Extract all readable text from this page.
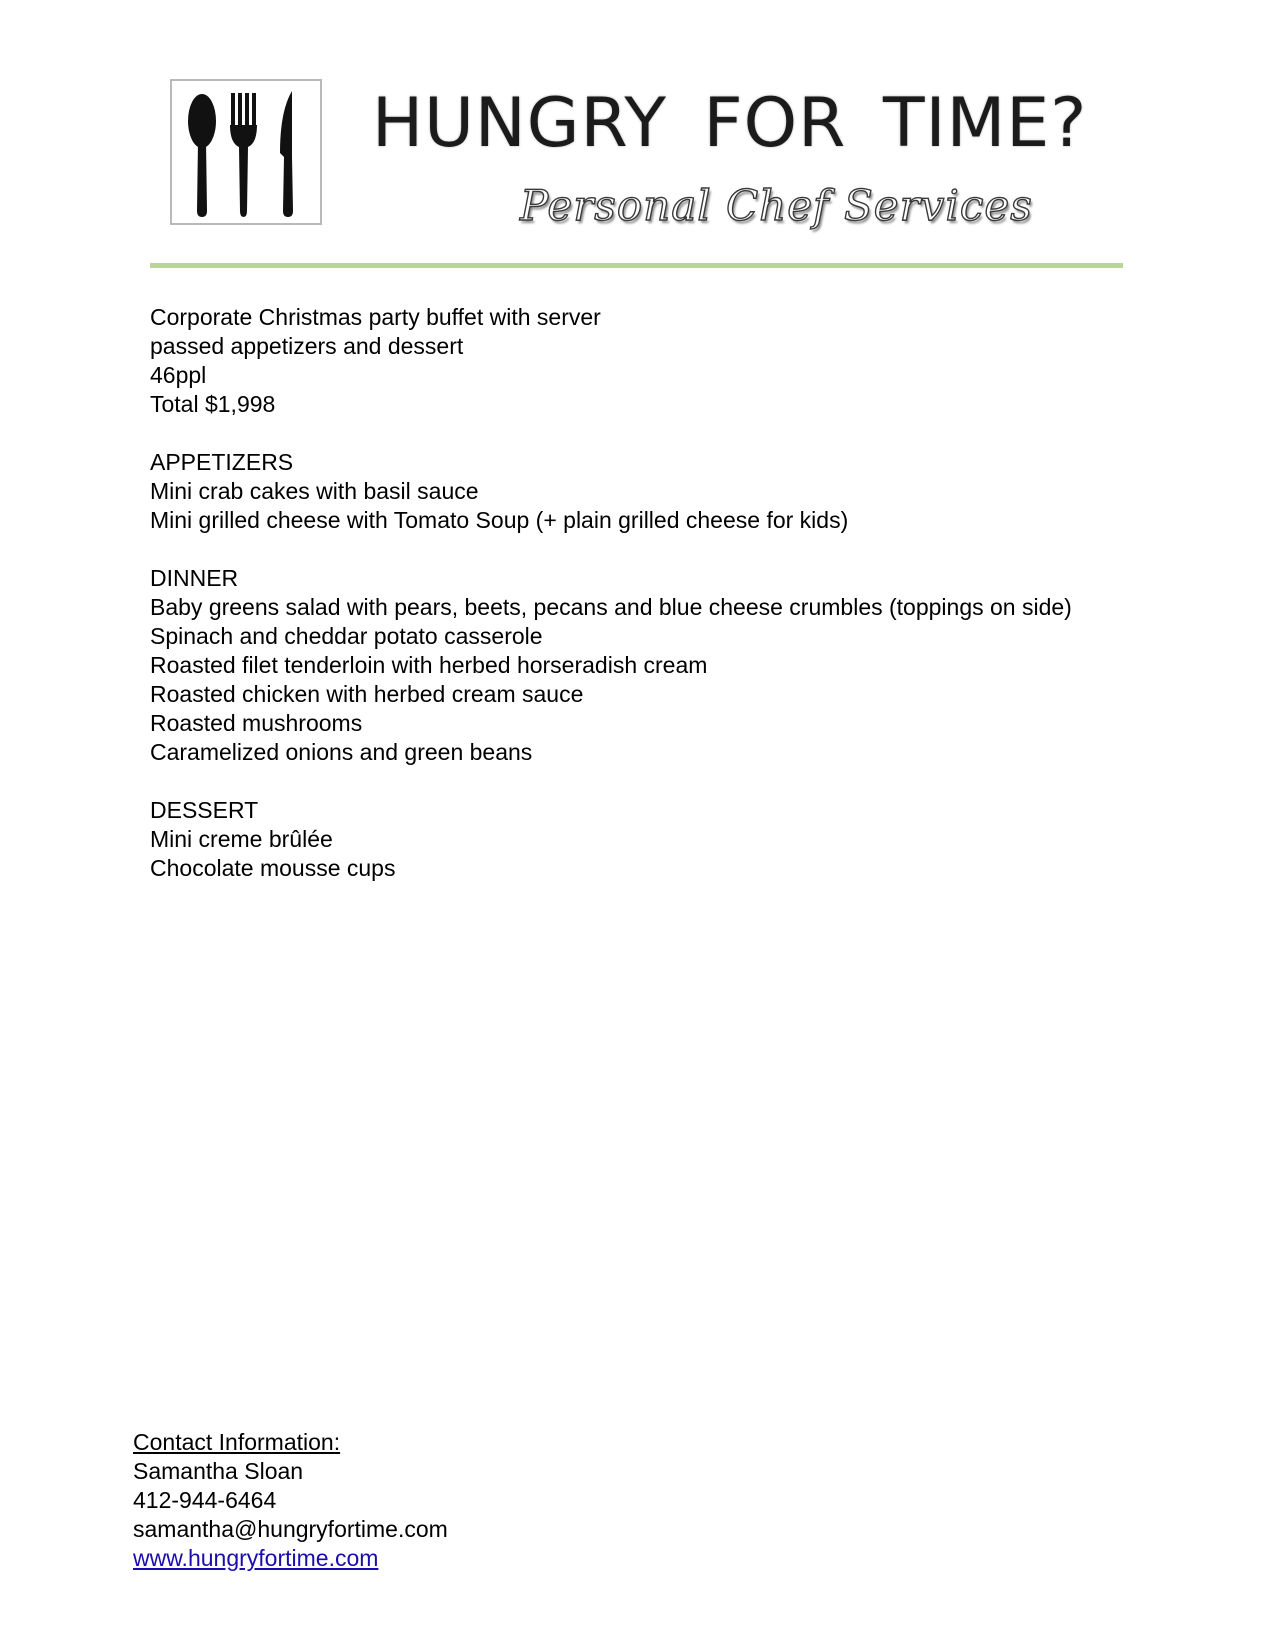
HUNGRY FOR TIME?
Personal Chef Services
Corporate Christmas party buffet with server
passed appetizers and dessert
46ppl
Total $1,998
APPETIZERS
Mini crab cakes with basil sauce
Mini grilled cheese with Tomato Soup (+ plain grilled cheese for kids)
DINNER
Baby greens salad with pears, beets, pecans and blue cheese crumbles (toppings on side)
Spinach and cheddar potato casserole
Roasted filet tenderloin with herbed horseradish cream
Roasted chicken with herbed cream sauce
Roasted mushrooms
Caramelized onions and green beans
DESSERT
Mini creme brûlée
Chocolate mousse cups
Contact Information:
Samantha Sloan
412-944-6464
samantha@hungryfortime.com
www.hungryfortime.com
